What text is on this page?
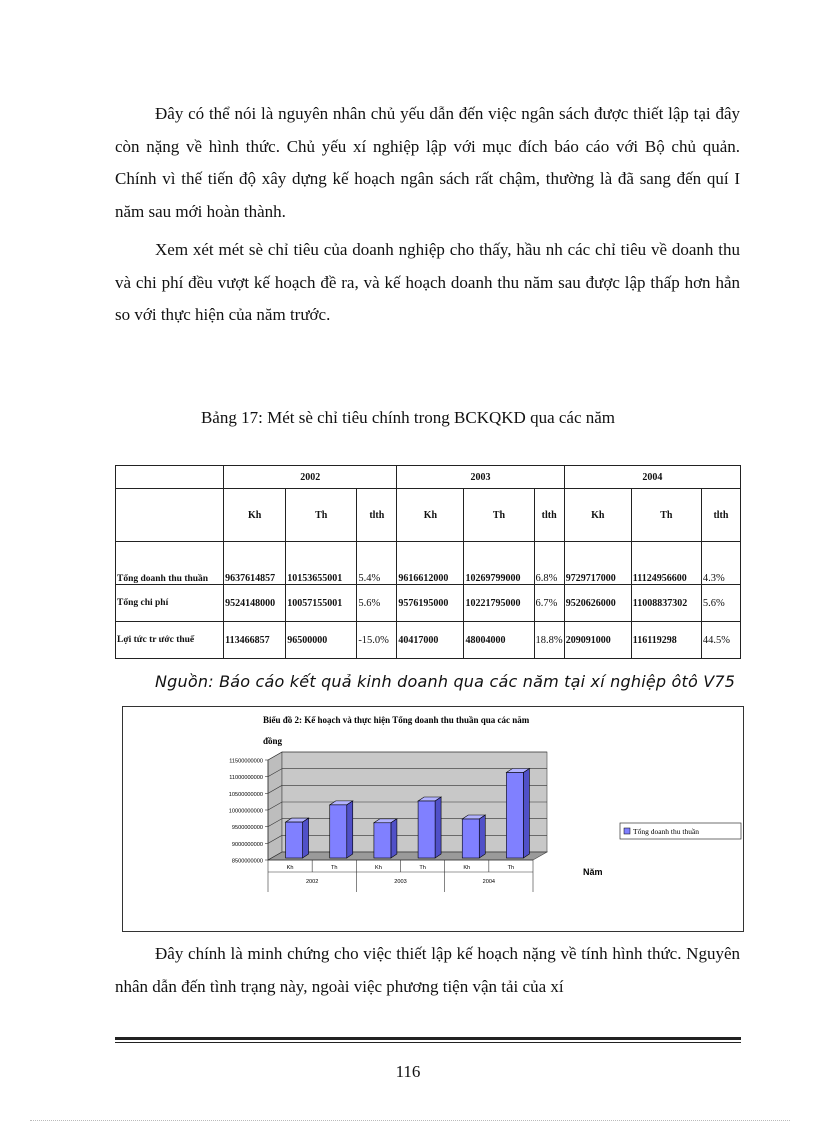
Đây có thể nói là nguyên nhân chủ yếu dẫn đến việc ngân sách được thiết lập tại đây còn nặng về hình thức. Chủ yếu xí nghiệp lập với mục đích báo cáo với Bộ chủ quản. Chính vì thế tiến độ xây dựng kế hoạch ngân sách rất chậm, thường là đã sang đến quí I năm sau mới hoàn thành.

Xem xét mét sè chỉ tiêu của doanh nghiệp cho thấy, hầu nh các chỉ tiêu về doanh thu và chi phí đều vượt kế hoạch đề ra, và kế hoạch doanh thu năm sau được lập thấp hơn hẳn so với thực hiện của năm trước.

Bảng 17: Mét sè chỉ tiêu chính trong BCKQKD qua các năm
	2002			2003			2004		
	Kh	Th	tlth	Kh	Th	tlth	Kh	Th	tlth
Tổng doanh thu thuần	9637614857	10153655001	5.4%	9616612000	10269799000	6.8%	9729717000	11124956600	4.3%
Tổng chi phí	9524148000	10057155001	5.6%	9576195000	10221795000	6.7%	9520626000	11008837302	5.6%
Lợi tức tr ước thuế	113466857	96500000	-15.0%	40417000	48004000	18.8%	209091000	116119298	44.5%
Nguồn: Báo cáo kết quả kinh doanh qua các năm tại xí nghiệp ôtô V75
Biểu đồ 2: Kế hoạch và thực hiện Tổng doanh thu thuần qua các năm
đồng
11500000000
11000000000
10500000000
10000000000
9500000000
9000000000
8500000000
Kh	Th	Kh	Th	Kh	Th
2002	2003	2004
Năm
Tổng doanh thu thuần

Đây chính là minh chứng cho việc thiết lập kế hoạch nặng về tính hình thức. Nguyên nhân dẫn đến tình trạng này, ngoài việc phương tiện vận tải của xí

116
